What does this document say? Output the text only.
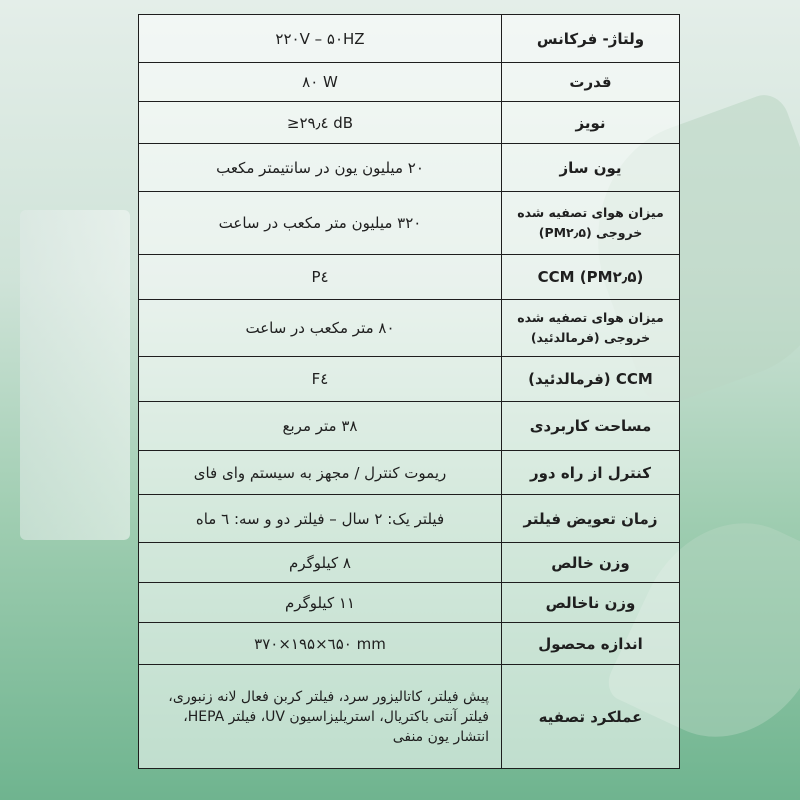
۲۲۰V – ۵۰HZ	ولتاژ- فرکانس
۸۰ W	قدرت
≥۲۹٫٤ dB	نویز
۲۰ میلیون یون در سانتیمتر مکعب	یون ساز
۳۲۰ میلیون متر مکعب در ساعت	میزان هوای تصفیه شده خروجی (PM۲٫۵)
P٤	CCM (PM۲٫۵)
۸۰ متر مکعب در ساعت	میزان هوای تصفیه شده خروجی (فرمالدئید)
F٤	CCM (فرمالدئید)
۳۸ متر مربع	مساحت کاربردی
ریموت کنترل / مجهز به سیستم وای فای	کنترل از راه دور
فیلتر یک: ۲ سال – فیلتر دو و سه: ٦ ماه	زمان تعویض فیلتر
۸ کیلوگرم	وزن خالص
۱۱ کیلوگرم	وزن ناخالص
۳۷۰×۱۹۵×٦۵۰ mm	اندازه محصول
پیش فیلتر، کاتالیزور سرد، فیلتر کربن فعال لانه زنبوری، فیلتر آنتی باکتریال، استریلیزاسیون UV، فیلتر HEPA، انتشار یون منفی	عملکرد تصفیه
